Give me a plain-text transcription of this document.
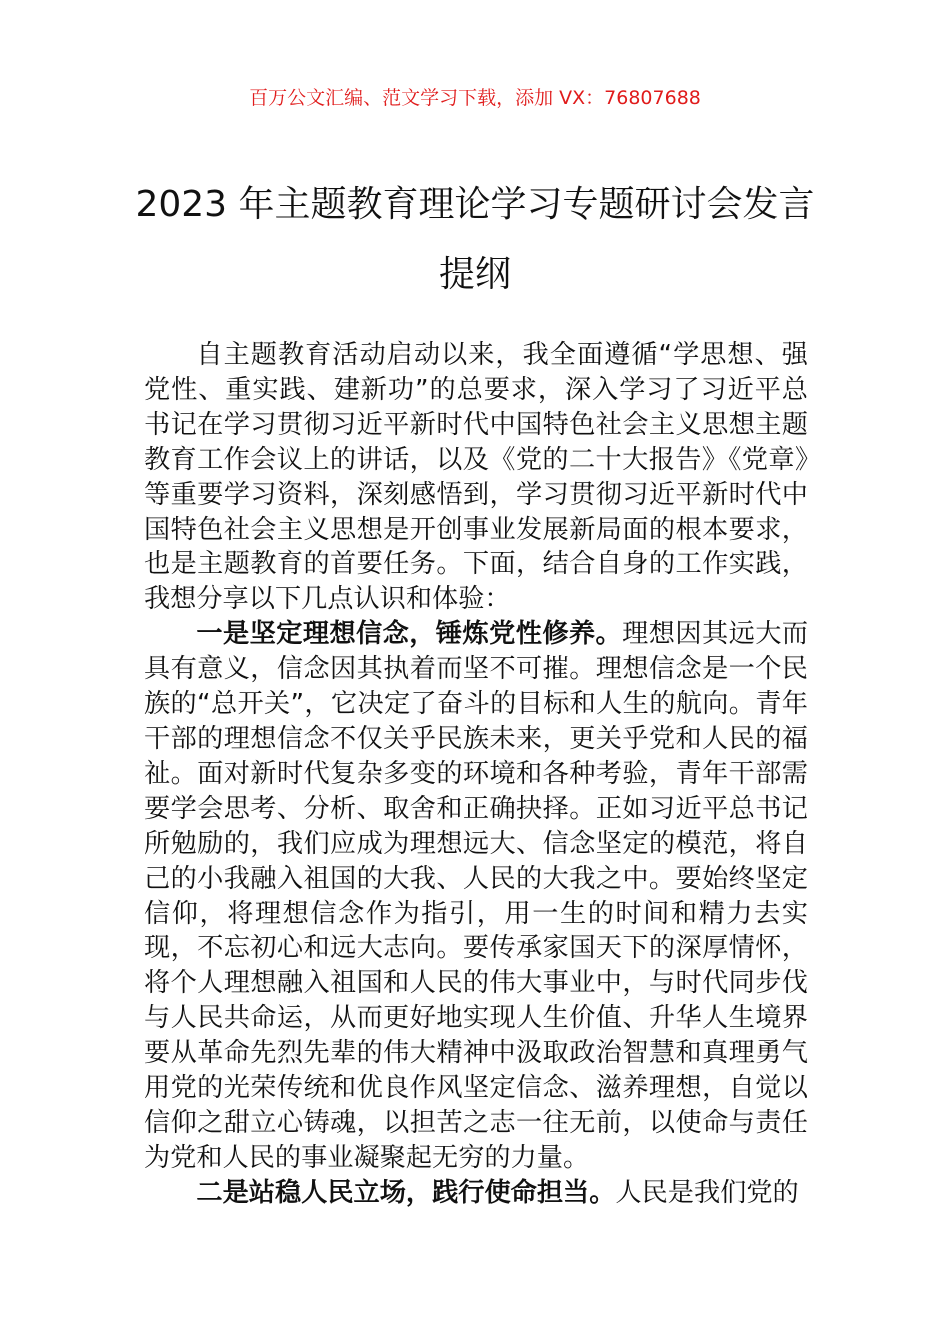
百万公文汇编、范文学习下载，添加 VX：76807688
2023 年主题教育理论学习专题研讨会发言提纲

自主题教育活动启动以来，我全面遵循“学思想、强党性、重实践、建新功”的总要求，深入学习了习近平总书记在学习贯彻习近平新时代中国特色社会主义思想主题教育工作会议上的讲话，以及《党的二十大报告》《党章》等重要学习资料，深刻感悟到，学习贯彻习近平新时代中国特色社会主义思想是开创事业发展新局面的根本要求，也是主题教育的首要任务。下面，结合自身的工作实践，我想分享以下几点认识和体验：

一是坚定理想信念，锤炼党性修养。理想因其远大而具有意义，信念因其执着而坚不可摧。理想信念是一个民族的“总开关”，它决定了奋斗的目标和人生的航向。青年干部的理想信念不仅关乎民族未来，更关乎党和人民的福祉。面对新时代复杂多变的环境和各种考验，青年干部需要学会思考、分析、取舍和正确抉择。正如习近平总书记所勉励的，我们应成为理想远大、信念坚定的模范，将自己的小我融入祖国的大我、人民的大我之中。要始终坚定信仰，将理想信念作为指引，用一生的时间和精力去实现，不忘初心和远大志向。要传承家国天下的深厚情怀，将个人理想融入祖国和人民的伟大事业中，与时代同步伐与人民共命运，从而更好地实现人生价值、升华人生境界要从革命先烈先辈的伟大精神中汲取政治智慧和真理勇气用党的光荣传统和优良作风坚定信念、滋养理想，自觉以信仰之甜立心铸魂，以担苦之志一往无前，以使命与责任为党和人民的事业凝聚起无穷的力量。

二是站稳人民立场，践行使命担当。人民是我们党的
